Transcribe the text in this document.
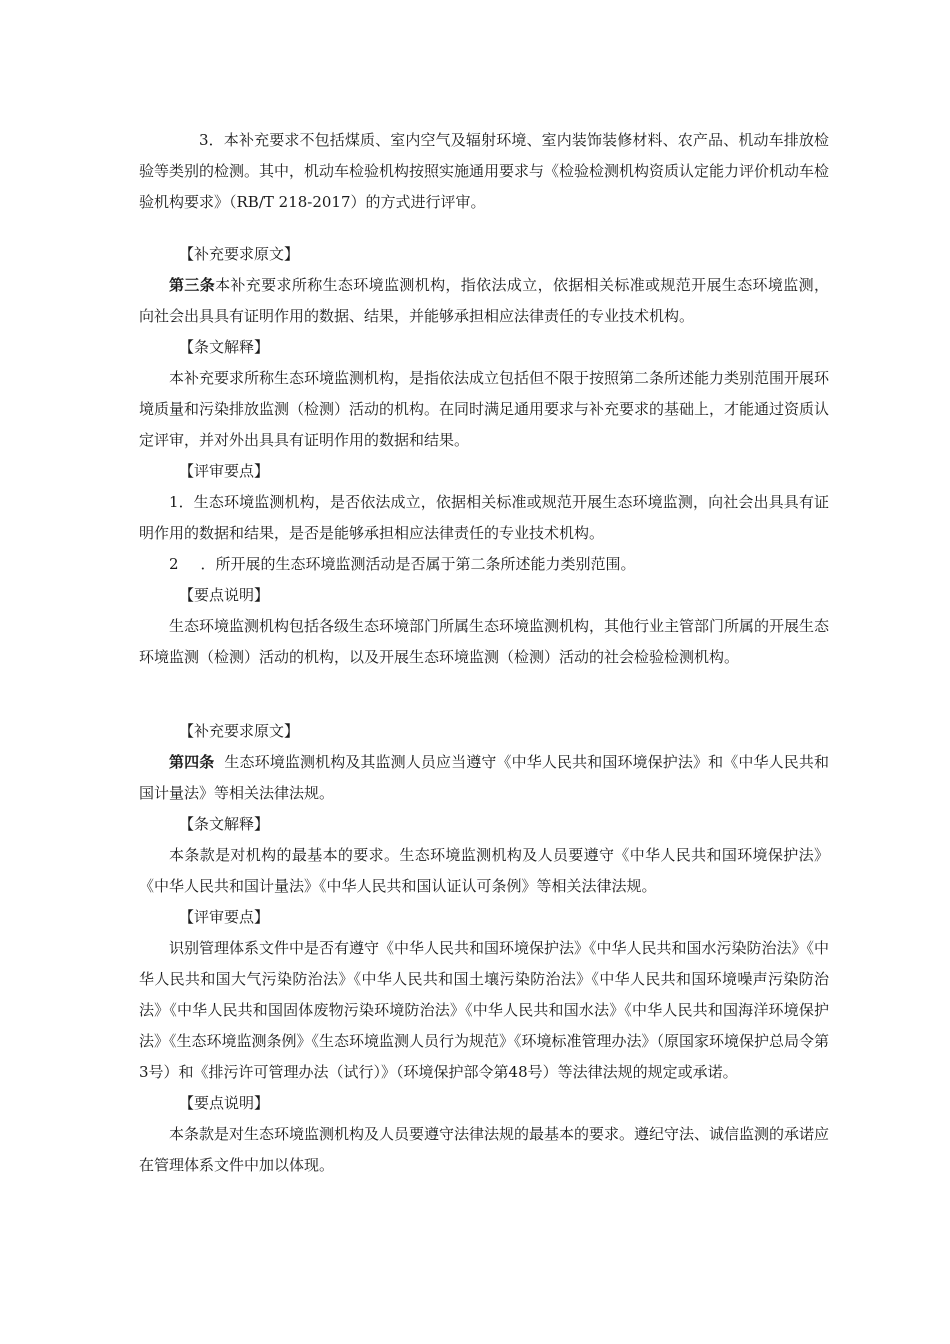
3．本补充要求不包括煤质、室内空气及辐射环境、室内装饰装修材料、农产品、机动车排放检验等类别的检测。其中，机动车检验机构按照实施通用要求与《检验检测机构资质认定能力评价机动车检验机构要求》（RB/T 218-2017）的方式进行评审。

【补充要求原文】

第三条本补充要求所称生态环境监测机构，指依法成立，依据相关标准或规范开展生态环境监测，向社会出具具有证明作用的数据、结果，并能够承担相应法律责任的专业技术机构。

【条文解释】

本补充要求所称生态环境监测机构，是指依法成立包括但不限于按照第二条所述能力类别范围开展环境质量和污染排放监测（检测）活动的机构。在同时满足通用要求与补充要求的基础上，才能通过资质认定评审，并对外出具具有证明作用的数据和结果。

【评审要点】

1．生态环境监测机构，是否依法成立，依据相关标准或规范开展生态环境监测，向社会出具具有证明作用的数据和结果，是否是能够承担相应法律责任的专业技术机构。

2 ．所开展的生态环境监测活动是否属于第二条所述能力类别范围。

【要点说明】

生态环境监测机构包括各级生态环境部门所属生态环境监测机构，其他行业主管部门所属的开展生态环境监测（检测）活动的机构，以及开展生态环境监测（检测）活动的社会检验检测机构。

【补充要求原文】

第四条 生态环境监测机构及其监测人员应当遵守《中华人民共和国环境保护法》和《中华人民共和国计量法》等相关法律法规。

【条文解释】

本条款是对机构的最基本的要求。生态环境监测机构及人员要遵守《中华人民共和国环境保护法》《中华人民共和国计量法》《中华人民共和国认证认可条例》等相关法律法规。

【评审要点】

识别管理体系文件中是否有遵守《中华人民共和国环境保护法》《中华人民共和国水污染防治法》《中华人民共和国大气污染防治法》《中华人民共和国土壤污染防治法》《中华人民共和国环境噪声污染防治法》《中华人民共和国固体废物污染环境防治法》《中华人民共和国水法》《中华人民共和国海洋环境保护法》《生态环境监测条例》《生态环境监测人员行为规范》《环境标准管理办法》（原国家环境保护总局令第3号）和《排污许可管理办法（试行）》（环境保护部令第48号）等法律法规的规定或承诺。

【要点说明】

本条款是对生态环境监测机构及人员要遵守法律法规的最基本的要求。遵纪守法、诚信监测的承诺应在管理体系文件中加以体现。
